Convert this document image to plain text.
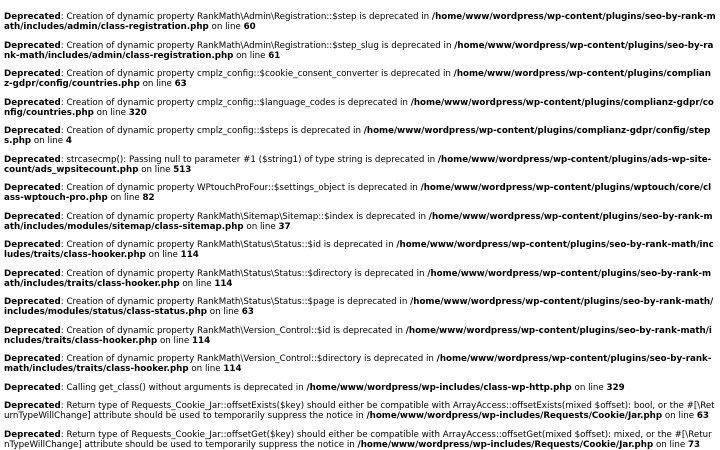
Deprecated: Creation of dynamic property RankMath\Admin\Registration::$step is deprecated in /home/www/wordpress/wp-content/plugins/seo-by-rank-math/includes/admin/class-registration.php on line 60

Deprecated: Creation of dynamic property RankMath\Admin\Registration::$step_slug is deprecated in /home/www/wordpress/wp-content/plugins/seo-by-rank-math/includes/admin/class-registration.php on line 61

Deprecated: Creation of dynamic property cmplz_config::$cookie_consent_converter is deprecated in /home/www/wordpress/wp-content/plugins/complianz-gdpr/config/countries.php on line 63

Deprecated: Creation of dynamic property cmplz_config::$language_codes is deprecated in /home/www/wordpress/wp-content/plugins/complianz-gdpr/config/countries.php on line 320

Deprecated: Creation of dynamic property cmplz_config::$steps is deprecated in /home/www/wordpress/wp-content/plugins/complianz-gdpr/config/steps.php on line 4

Deprecated: strcasecmp(): Passing null to parameter #1 ($string1) of type string is deprecated in /home/www/wordpress/wp-content/plugins/ads-wp-site-count/ads_wpsitecount.php on line 513

Deprecated: Creation of dynamic property WPtouchProFour::$settings_object is deprecated in /home/www/wordpress/wp-content/plugins/wptouch/core/class-wptouch-pro.php on line 82

Deprecated: Creation of dynamic property RankMath\Sitemap\Sitemap::$index is deprecated in /home/www/wordpress/wp-content/plugins/seo-by-rank-math/includes/modules/sitemap/class-sitemap.php on line 37

Deprecated: Creation of dynamic property RankMath\Status\Status::$id is deprecated in /home/www/wordpress/wp-content/plugins/seo-by-rank-math/includes/traits/class-hooker.php on line 114

Deprecated: Creation of dynamic property RankMath\Status\Status::$directory is deprecated in /home/www/wordpress/wp-content/plugins/seo-by-rank-math/includes/traits/class-hooker.php on line 114

Deprecated: Creation of dynamic property RankMath\Status\Status::$page is deprecated in /home/www/wordpress/wp-content/plugins/seo-by-rank-math/includes/modules/status/class-status.php on line 63

Deprecated: Creation of dynamic property RankMath\Version_Control::$id is deprecated in /home/www/wordpress/wp-content/plugins/seo-by-rank-math/includes/traits/class-hooker.php on line 114

Deprecated: Creation of dynamic property RankMath\Version_Control::$directory is deprecated in /home/www/wordpress/wp-content/plugins/seo-by-rank-math/includes/traits/class-hooker.php on line 114

Deprecated: Calling get_class() without arguments is deprecated in /home/www/wordpress/wp-includes/class-wp-http.php on line 329

Deprecated: Return type of Requests_Cookie_Jar::offsetExists($key) should either be compatible with ArrayAccess::offsetExists(mixed $offset): bool, or the #[\ReturnTypeWillChange] attribute should be used to temporarily suppress the notice in /home/www/wordpress/wp-includes/Requests/Cookie/Jar.php on line 63

Deprecated: Return type of Requests_Cookie_Jar::offsetGet($key) should either be compatible with ArrayAccess::offsetGet(mixed $offset): mixed, or the #[\ReturnTypeWillChange] attribute should be used to temporarily suppress the notice in /home/www/wordpress/wp-includes/Requests/Cookie/Jar.php on line 73
